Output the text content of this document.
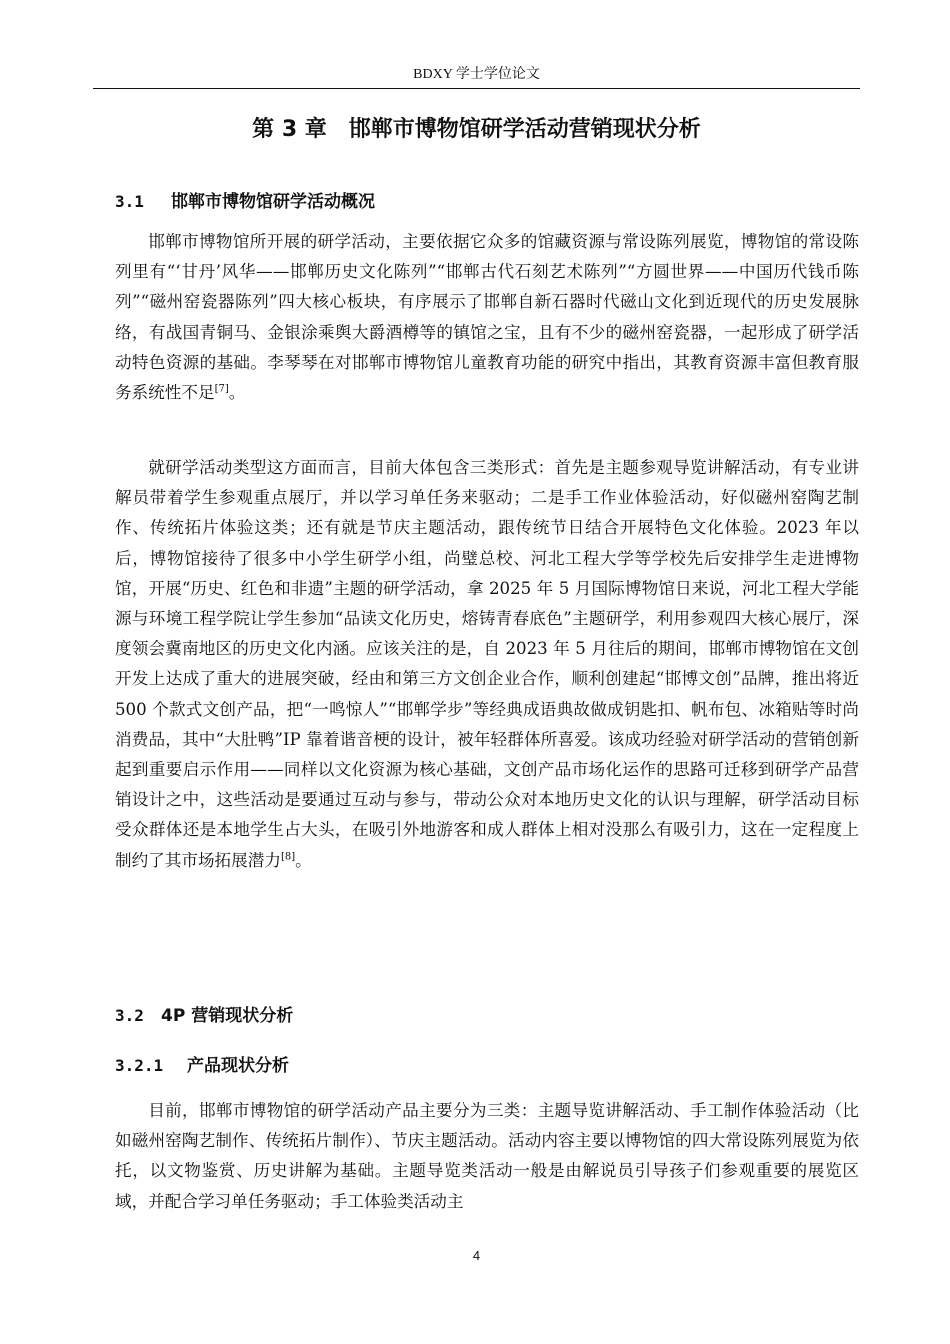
BDXY 学士学位论文
第 3 章　邯郸市博物馆研学活动营销现状分析
3.1 邯郸市博物馆研学活动概况

邯郸市博物馆所开展的研学活动，主要依据它众多的馆藏资源与常设陈列展览，博物馆的常设陈列里有“‘甘丹’风华——邯郸历史文化陈列”“邯郸古代石刻艺术陈列”“方圆世界——中国历代钱币陈列”“磁州窑瓷器陈列”四大核心板块，有序展示了邯郸自新石器时代磁山文化到近现代的历史发展脉络，有战国青铜马、金银涂乘舆大爵酒樽等的镇馆之宝，且有不少的磁州窑瓷器，一起形成了研学活动特色资源的基础。李琴琴在对邯郸市博物馆儿童教育功能的研究中指出，其教育资源丰富但教育服务系统性不足[7]。

就研学活动类型这方面而言，目前大体包含三类形式：首先是主题参观导览讲解活动，有专业讲解员带着学生参观重点展厅，并以学习单任务来驱动；二是手工作业体验活动，好似磁州窑陶艺制作、传统拓片体验这类；还有就是节庆主题活动，跟传统节日结合开展特色文化体验。2023 年以后，博物馆接待了很多中小学生研学小组，尚璧总校、河北工程大学等学校先后安排学生走进博物馆，开展“历史、红色和非遗”主题的研学活动，拿 2025 年 5 月国际博物馆日来说，河北工程大学能源与环境工程学院让学生参加“品读文化历史，熔铸青春底色”主题研学，利用参观四大核心展厅，深度领会冀南地区的历史文化内涵。应该关注的是，自 2023 年 5 月往后的期间，邯郸市博物馆在文创开发上达成了重大的进展突破，经由和第三方文创企业合作，顺利创建起“邯博文创”品牌，推出将近 500 个款式文创产品，把“一鸣惊人”“邯郸学步”等经典成语典故做成钥匙扣、帆布包、冰箱贴等时尚消费品，其中“大肚鸭”IP 靠着谐音梗的设计，被年轻群体所喜爱。该成功经验对研学活动的营销创新起到重要启示作用——同样以文化资源为核心基础，文创产品市场化运作的思路可迁移到研学产品营销设计之中，这些活动是要通过互动与参与，带动公众对本地历史文化的认识与理解，研学活动目标受众群体还是本地学生占大头，在吸引外地游客和成人群体上相对没那么有吸引力，这在一定程度上制约了其市场拓展潜力[8]。

3.2 4P 营销现状分析
3.2.1 产品现状分析

目前，邯郸市博物馆的研学活动产品主要分为三类：主题导览讲解活动、手工制作体验活动（比如磁州窑陶艺制作、传统拓片制作）、节庆主题活动。活动内容主要以博物馆的四大常设陈列展览为依托，以文物鉴赏、历史讲解为基础。主题导览类活动一般是由解说员引导孩子们参观重要的展览区域，并配合学习单任务驱动；手工体验类活动主

4
